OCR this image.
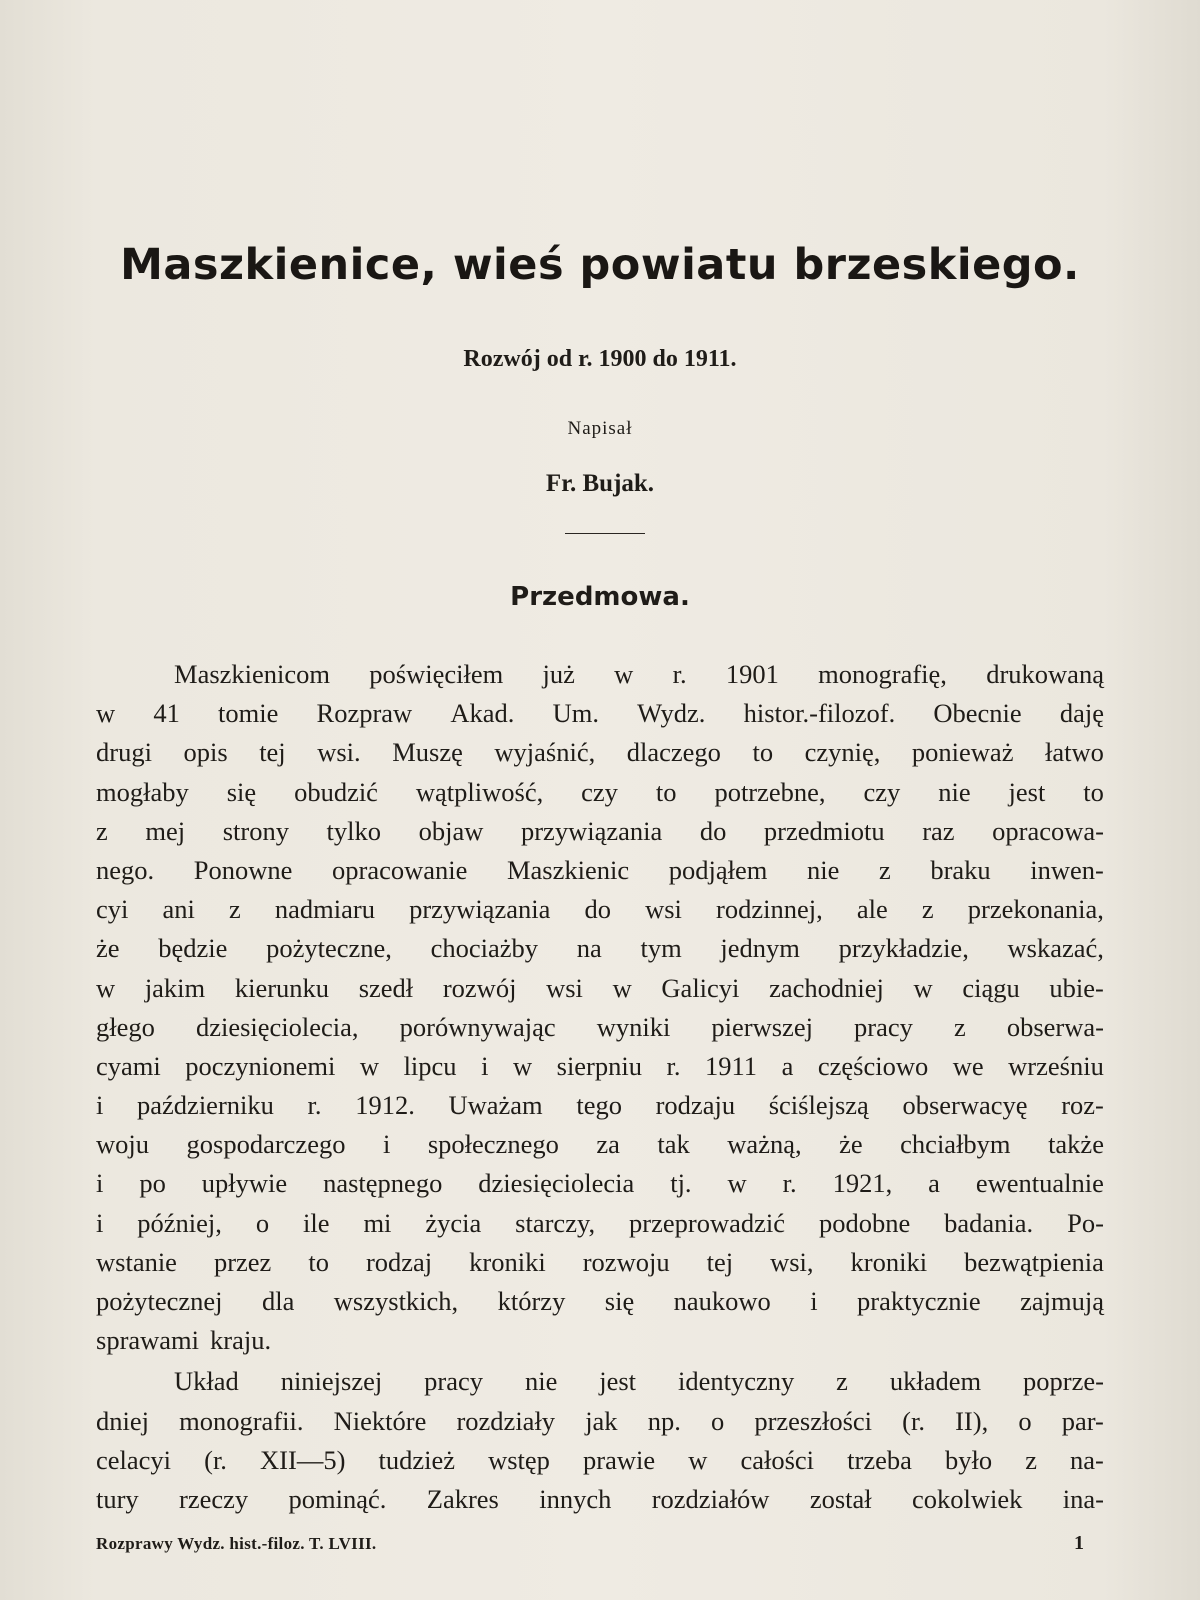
Maszkienice, wieś powiatu brzeskiego.
Rozwój od r. 1900 do 1911.
Napisał
Fr. Bujak.
Przedmowa.
Maszkienicom poświęciłem już w r. 1901 monografię, drukowaną
w 41 tomie Rozpraw Akad. Um. Wydz. histor.-filozof. Obecnie daję
drugi opis tej wsi. Muszę wyjaśnić, dlaczego to czynię, ponieważ łatwo
mogłaby się obudzić wątpliwość, czy to potrzebne, czy nie jest to
z mej strony tylko objaw przywiązania do przedmiotu raz opracowa-
nego. Ponowne opracowanie Maszkienic podjąłem nie z braku inwen-
cyi ani z nadmiaru przywiązania do wsi rodzinnej, ale z przekonania,
że będzie pożyteczne, chociażby na tym jednym przykładzie, wskazać,
w jakim kierunku szedł rozwój wsi w Galicyi zachodniej w ciągu ubie-
głego dziesięciolecia, porównywając wyniki pierwszej pracy z obserwa-
cyami poczynionemi w lipcu i w sierpniu r. 1911 a częściowo we wrześniu
i październiku r. 1912. Uważam tego rodzaju ściślejszą obserwacyę roz-
woju gospodarczego i społecznego za tak ważną, że chciałbym także
i po upływie następnego dziesięciolecia tj. w r. 1921, a ewentualnie
i później, o ile mi życia starczy, przeprowadzić podobne badania. Po-
wstanie przez to rodzaj kroniki rozwoju tej wsi, kroniki bezwątpienia
pożytecznej dla wszystkich, którzy się naukowo i praktycznie zajmują
sprawami kraju.
Układ niniejszej pracy nie jest identyczny z układem poprze-
dniej monografii. Niektóre rozdziały jak np. o przeszłości (r. II), o par-
celacyi (r. XII—5) tudzież wstęp prawie w całości trzeba było z na-
tury rzeczy pominąć. Zakres innych rozdziałów został cokolwiek ina-
Rozprawy Wydz. hist.-filoz. T. LVIII.	1
